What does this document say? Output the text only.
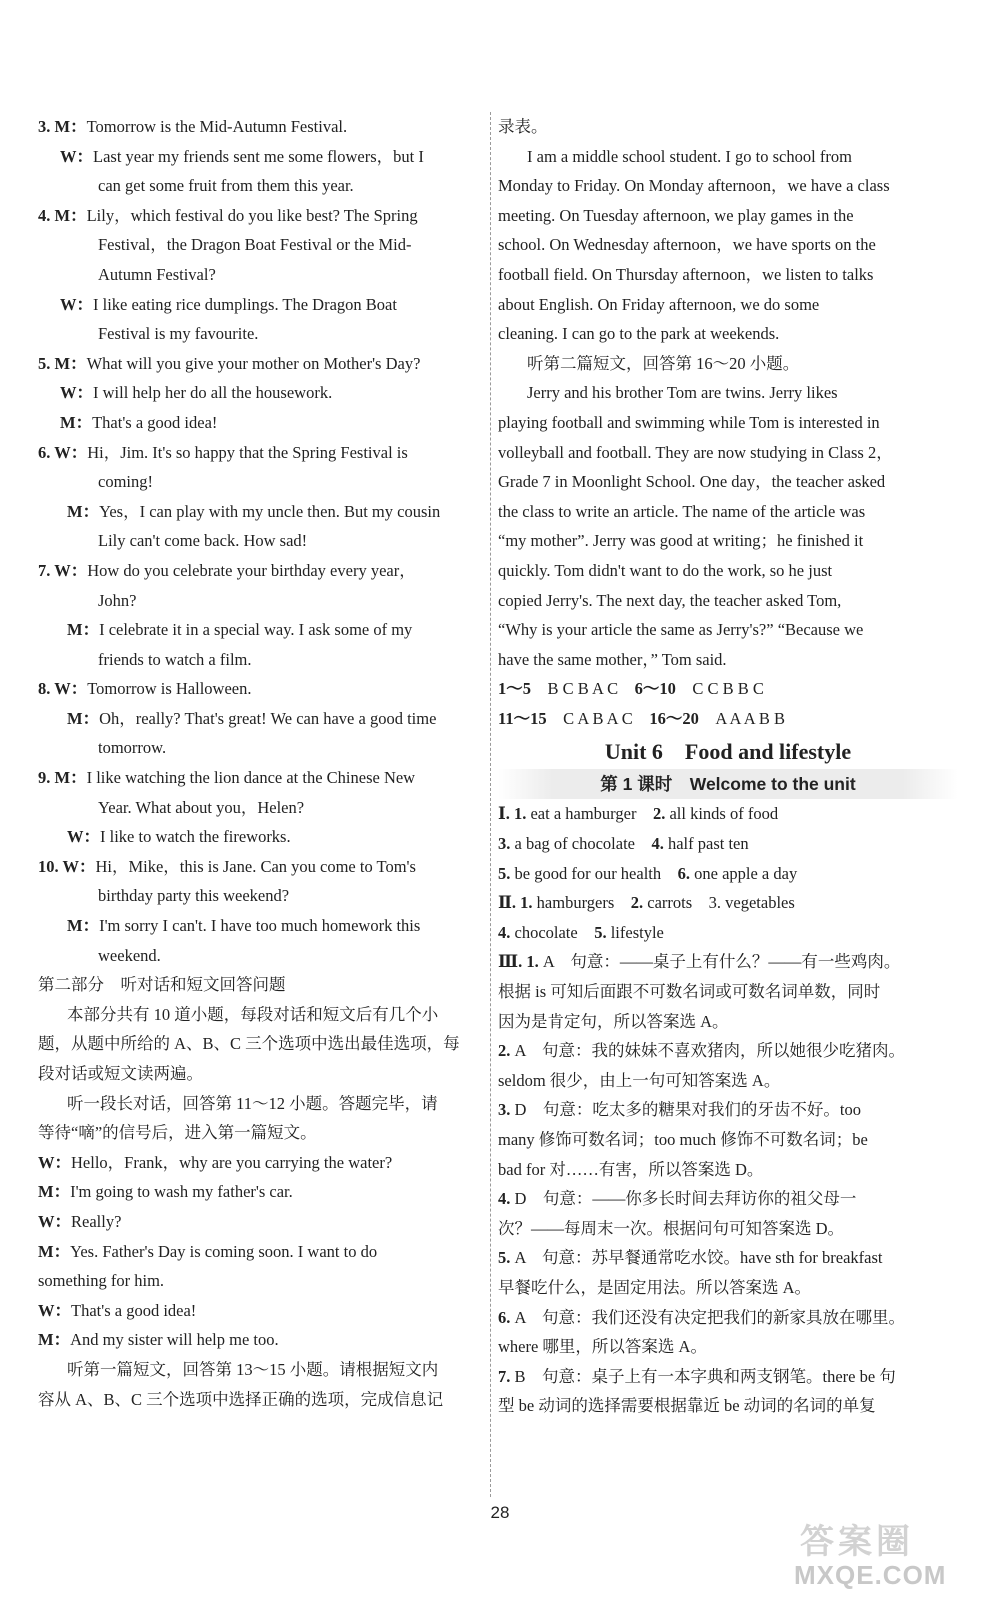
3. M：Tomorrow is the Mid-Autumn Festival.

W：Last year my friends sent me some flowers，but I

can get some fruit from them this year.

4. M：Lily，which festival do you like best? The Spring

Festival，the Dragon Boat Festival or the Mid-

Autumn Festival?

W：I like eating rice dumplings. The Dragon Boat

Festival is my favourite.

5. M：What will you give your mother on Mother's Day?

W：I will help her do all the housework.

M：That's a good idea!

6. W：Hi，Jim. It's so happy that the Spring Festival is

coming!

M：Yes，I can play with my uncle then. But my cousin

Lily can't come back. How sad!

7. W：How do you celebrate your birthday every year，

John?

M：I celebrate it in a special way. I ask some of my

friends to watch a film.

8. W：Tomorrow is Halloween.

M：Oh，really? That's great! We can have a good time

tomorrow.

9. M：I like watching the lion dance at the Chinese New

Year. What about you，Helen?

W：I like to watch the fireworks.

10. W：Hi，Mike，this is Jane. Can you come to Tom's

birthday party this weekend?

M：I'm sorry I can't. I have too much homework this

weekend.

第二部分　听对话和短文回答问题

本部分共有 10 道小题，每段对话和短文后有几个小

题，从题中所给的 A、B、C 三个选项中选出最佳选项，每

段对话或短文读两遍。

听一段长对话，回答第 11～12 小题。答题完毕，请

等待“嘀”的信号后，进入第一篇短文。

W：Hello，Frank，why are you carrying the water?

M：I'm going to wash my father's car.

W：Really?

M：Yes. Father's Day is coming soon. I want to do

something for him.

W：That's a good idea!

M：And my sister will help me too.

听第一篇短文，回答第 13～15 小题。请根据短文内

容从 A、B、C 三个选项中选择正确的选项，完成信息记

录表。

I am a middle school student. I go to school from

Monday to Friday. On Monday afternoon，we have a class

meeting. On Tuesday afternoon, we play games in the

school. On Wednesday afternoon，we have sports on the

football field. On Thursday afternoon，we listen to talks

about English. On Friday afternoon, we do some

cleaning. I can go to the park at weekends.

听第二篇短文，回答第 16～20 小题。

Jerry and his brother Tom are twins. Jerry likes

playing football and swimming while Tom is interested in

volleyball and football. They are now studying in Class 2，

Grade 7 in Moonlight School. One day，the teacher asked

the class to write an article. The name of the article was

“my mother”. Jerry was good at writing；he finished it

quickly. Tom didn't want to do the work, so he just

copied Jerry's. The next day, the teacher asked Tom,

“Why is your article the same as Jerry's?” “Because we

have the same mother，” Tom said.

1～5　B C B A C　6～10　C C B B C

11～15　C A B A C　16～20　A A A B B

Unit 6　Food and lifestyle
第 1 课时　Welcome to the unit

Ⅰ. 1. eat a hamburger　2. all kinds of food

3. a bag of chocolate　4. half past ten

5. be good for our health　6. one apple a day

Ⅱ. 1. hamburgers　2. carrots　3. vegetables

4. chocolate　5. lifestyle

Ⅲ. 1. A　句意：——桌子上有什么？——有一些鸡肉。

根据 is 可知后面跟不可数名词或可数名词单数，同时

因为是肯定句，所以答案选 A。

2. A　句意：我的妹妹不喜欢猪肉，所以她很少吃猪肉。

seldom 很少，由上一句可知答案选 A。

3. D　句意：吃太多的糖果对我们的牙齿不好。too

many 修饰可数名词；too much 修饰不可数名词；be

bad for 对……有害，所以答案选 D。

4. D　句意：——你多长时间去拜访你的祖父母一

次？——每周末一次。根据问句可知答案选 D。

5. A　句意：苏早餐通常吃水饺。have sth for breakfast

早餐吃什么，是固定用法。所以答案选 A。

6. A　句意：我们还没有决定把我们的新家具放在哪里。

where 哪里，所以答案选 A。

7. B　句意：桌子上有一本字典和两支钢笔。there be 句

型 be 动词的选择需要根据靠近 be 动词的名词的单复

28
答案圈
MXQE.COM
